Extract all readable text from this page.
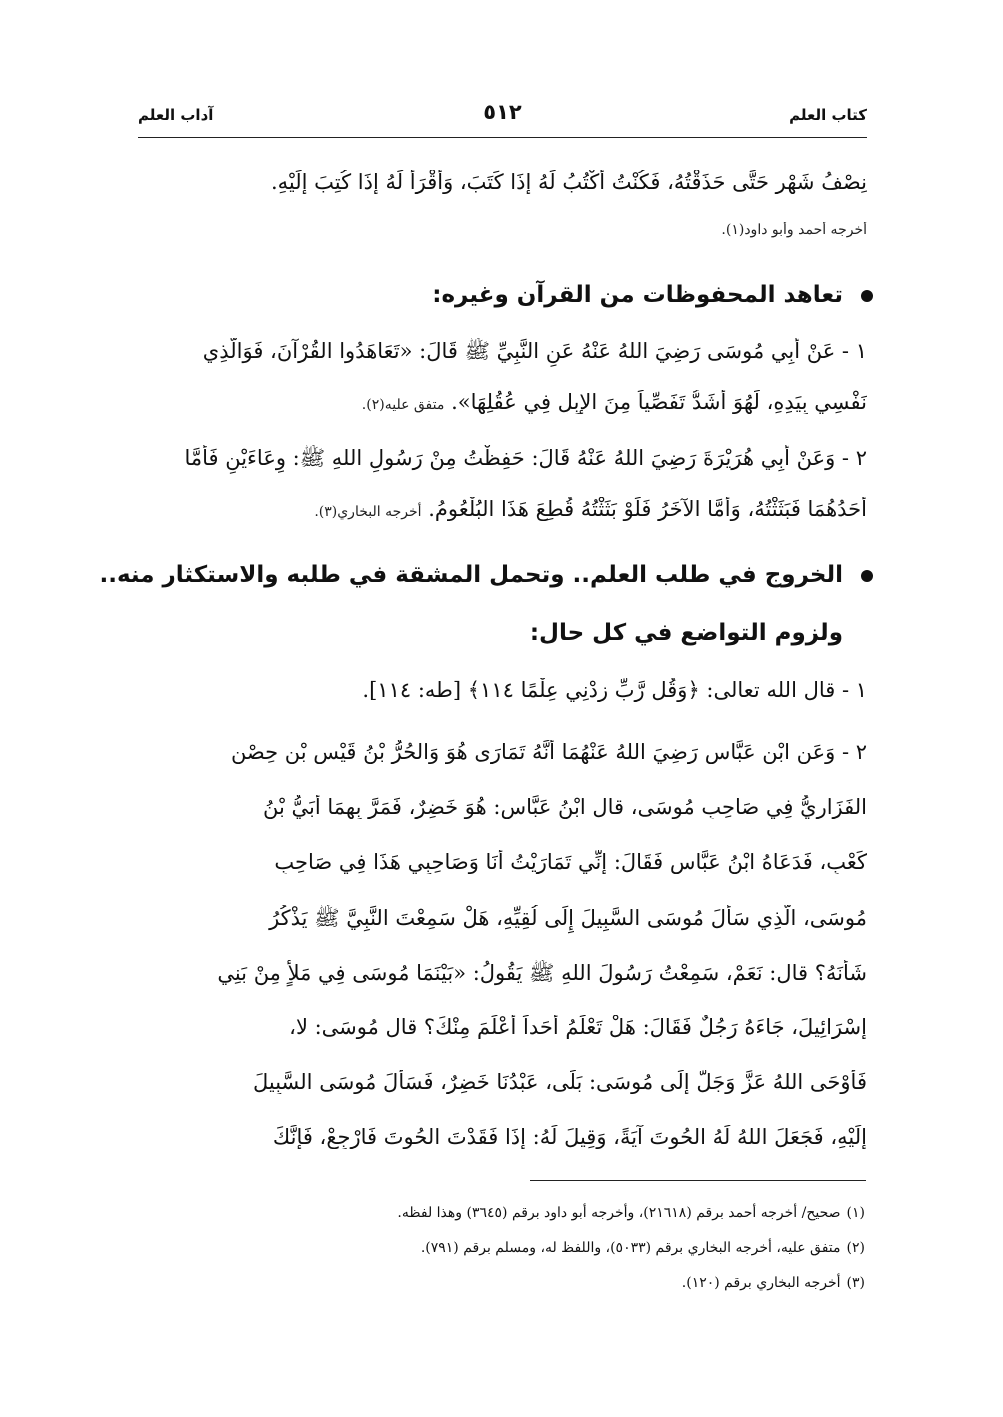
كتاب العلم
٥١٢
آداب العلم
نِصْفُ شَهْرٍ حَتَّى حَذَقْتُهُ، فَكُنْتُ أَكْتُبُ لَهُ إِذَا كَتَبَ، وَأَقْرَأُ لَهُ إِذَا كُتِبَ إِلَيْهِ.
أخرجه أحمد وأبو داود(١).
تعاهد المحفوظات من القرآن وغيره:
١ - عَنْ أَبِي مُوسَى رَضِيَ اللهُ عَنْهُ عَنِ النَّبِيِّ ﷺ قَالَ: «تَعَاهَدُوا القُرْآنَ، فَوَالَّذِي
نَفْسِي بِيَدِهِ، لَهُوَ أَشَدُّ تَفَصِّياً مِنَ الإِبِلِ فِي عُقُلِهَا». متفق عليه(٢).
٢ - وَعَنْ أَبِي هُرَيْرَةَ رَضِيَ اللهُ عَنْهُ قَالَ: حَفِظْتُ مِنْ رَسُولِ اللهِ ﷺ: وِعَاءَيْنِ فَأَمَّا
أَحَدُهُمَا فَبَثَثْتُهُ، وَأَمَّا الآخَرُ فَلَوْ بَثَثْتُهُ قُطِعَ هَذَا البُلْعُومُ. أخرجه البخاري(٣).
الخروج في طلب العلم.. وتحمل المشقة في طلبه والاستكثار منه..
ولزوم التواضع في كل حال:
١ - قال الله تعالى: ﴿وَقُل رَّبِّ زِدْنِي عِلْمًا ١١٤﴾ [طه: ١١٤].
٢ - وَعَنِ ابْنِ عَبَّاسٍ رَضِيَ اللهُ عَنْهُمَا أَنَّهُ تَمَارَى هُوَ وَالحُرُّ بْنُ قَيْسِ بْنِ حِصْنٍ
الفَزَارِيُّ فِي صَاحِبِ مُوسَى، قال ابْنُ عَبَّاسٍ: هُوَ خَضِرٌ، فَمَرَّ بِهِمَا أُبَيُّ بْنُ
كَعْبٍ، فَدَعَاهُ ابْنُ عَبَّاسٍ فَقَالَ: إِنِّي تَمَارَيْتُ أَنَا وَصَاحِبِي هَذَا فِي صَاحِبِ
مُوسَى، الَّذِي سَأَلَ مُوسَى السَّبِيلَ إِلَى لُقِيِّهِ، هَلْ سَمِعْتَ النَّبِيَّ ﷺ يَذْكُرُ
شَأْنَهُ؟ قال: نَعَمْ، سَمِعْتُ رَسُولَ اللهِ ﷺ يَقُولُ: «بَيْنَمَا مُوسَى فِي مَلأٍ مِنْ بَنِي
إِسْرَائِيلَ، جَاءَهُ رَجُلٌ فَقَالَ: هَلْ تَعْلَمُ أَحَداً أَعْلَمَ مِنْكَ؟ قال مُوسَى: لا،
فَأَوْحَى اللهُ عَزَّ وَجَلَّ إِلَى مُوسَى: بَلَى، عَبْدُنَا خَضِرٌ، فَسَأَلَ مُوسَى السَّبِيلَ
إِلَيْهِ، فَجَعَلَ اللهُ لَهُ الحُوتَ آيَةً، وَقِيلَ لَهُ: إِذَا فَقَدْتَ الحُوتَ فَارْجِعْ، فَإِنَّكَ
(١)صحيح/ أخرجه أحمد برقم (٢١٦١٨)، وأخرجه أبو داود برقم (٣٦٤٥) وهذا لفظه.
(٢)متفق عليه، أخرجه البخاري برقم (٥٠٣٣)، واللفظ له، ومسلم برقم (٧٩١).
(٣)أخرجه البخاري برقم (١٢٠).
